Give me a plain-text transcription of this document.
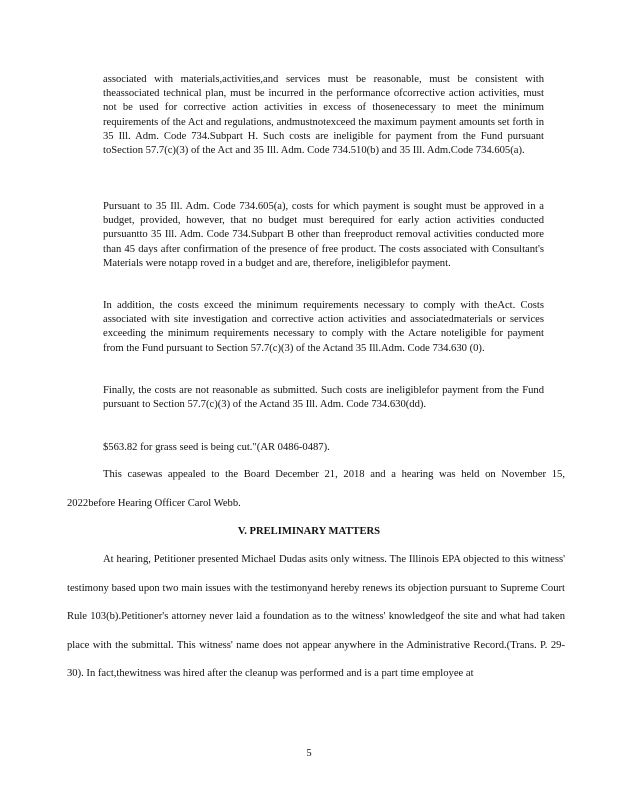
associated with materials,activities,and services must be reasonable, must be consistent with theassociated technical plan, must be incurred in the performance ofcorrective action activities, must not be used for corrective action activities in excess of thosenecessary to meet the minimum requirements of the Act and regulations, andmustnotexceed the maximum payment amounts set forth in 35 Ill. Adm. Code 734.Subpart H. Such costs are ineligible for payment from the Fund pursuant toSection 57.7(c)(3) of the Act and 35 Ill. Adm. Code 734.510(b) and 35 Ill. Adm.Code 734.605(a).

Pursuant to 35 Ill. Adm. Code 734.605(a), costs for which payment is sought must be approved in a budget, provided, however, that no budget must berequired for early action activities conducted pursuantto 35 Ill. Adm. Code 734.Subpart B other than freeproduct removal activities conducted more than 45 days after confirmation of the presence of free product. The costs associated with Consultant's Materials were notapp roved in a budget and are, therefore, ineligiblefor payment.

In addition, the costs exceed the minimum requirements necessary to comply with theAct. Costs associated with site investigation and corrective action activities and associatedmaterials or services exceeding the minimum requirements necessary to comply with the Actare noteligible for payment from the Fund pursuant to Section 57.7(c)(3) of the Actand 35 Ill.Adm. Code 734.630 (0).

Finally, the costs are not reasonable as submitted. Such costs are ineligiblefor payment from the Fund pursuant to Section 57.7(c)(3) of the Actand 35 Ill. Adm. Code 734.630(dd).

$563.82 for grass seed is being cut."(AR 0486-0487).

This casewas appealed to the Board December 21, 2018 and a hearing was held on November 15, 2022before Hearing Officer Carol Webb.

V. PRELIMINARY MATTERS

At hearing, Petitioner presented Michael Dudas asits only witness. The Illinois EPA objected to this witness' testimony based upon two main issues with the testimonyand hereby renews its objection pursuant to Supreme Court Rule 103(b).Petitioner's attorney never laid a foundation as to the witness' knowledgeof the site and what had taken place with the submittal. This witness' name does not appear anywhere in the Administrative Record.(Trans. P. 29-30). In fact,thewitness was hired after the cleanup was performed and is a part time employee at

5
